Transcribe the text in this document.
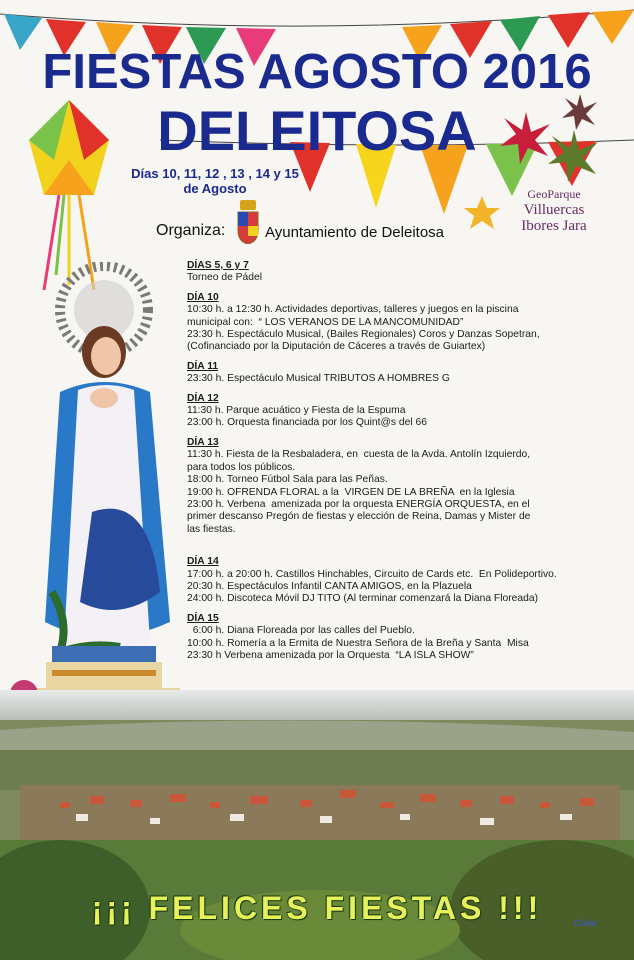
FIESTAS AGOSTO 2016
DELEITOSA
Días 10, 11, 12 , 13 , 14 y 15
de Agosto
Organiza:	Ayuntamiento de Deleitosa
GeoParque
Villuercas
Ibores Jara
DÍAS 5, 6 y 7
Torneo de Pádel
DÍA 10
10:30 h. a 12:30 h. Actividades deportivas, talleres y juegos en la piscina
municipal con:  “ LOS VERANOS DE LA MANCOMUNIDAD”
23:30 h. Espectáculo Musical, (Bailes Regionales) Coros y Danzas Sopetran,
(Cofinanciado por la Diputación de Cáceres a través de Guiartex)
DÍA 11
23:30 h. Espectáculo Musical TRIBUTOS A HOMBRES G
DÍA 12
11:30 h. Parque acuático y Fiesta de la Espuma
23:00 h. Orquesta financiada por los Quint@s del 66
DÍA 13
11:30 h. Fiesta de la Resbaladera, en  cuesta de la Avda. Antolín Izquierdo,
para todos los públicos.
18:00 h. Torneo Fútbol Sala para las Peñas.
19:00 h. OFRENDA FLORAL a la  VIRGEN DE LA BREÑA  en la Iglesia
23:00 h. Verbena  amenizada por la orquesta ENERGÍA ORQUESTA, en el
primer descanso Pregón de fiestas y elección de Reina, Damas y Mister de
las fiestas.
DÍA 14
17:00 h. a 20:00 h. Castillos Hinchables, Circuito de Cards etc.  En Polideportivo.
20:30 h. Espectáculos Infantil CANTA AMIGOS, en la Plazuela
24:00 h. Discoteca Móvil DJ TITO (Al terminar comenzará la Diana Floreada)
DÍA 15
6:00 h. Diana Floreada por las calles del Pueblo.
10:00 h. Romería a la Ermita de Nuestra Señora de la Breña y Santa  Misa
23:30 h Verbena amenizada por la Orquesta  “LA ISLA SHOW”
¡¡¡ FELICES FIESTAS !!!	Color
